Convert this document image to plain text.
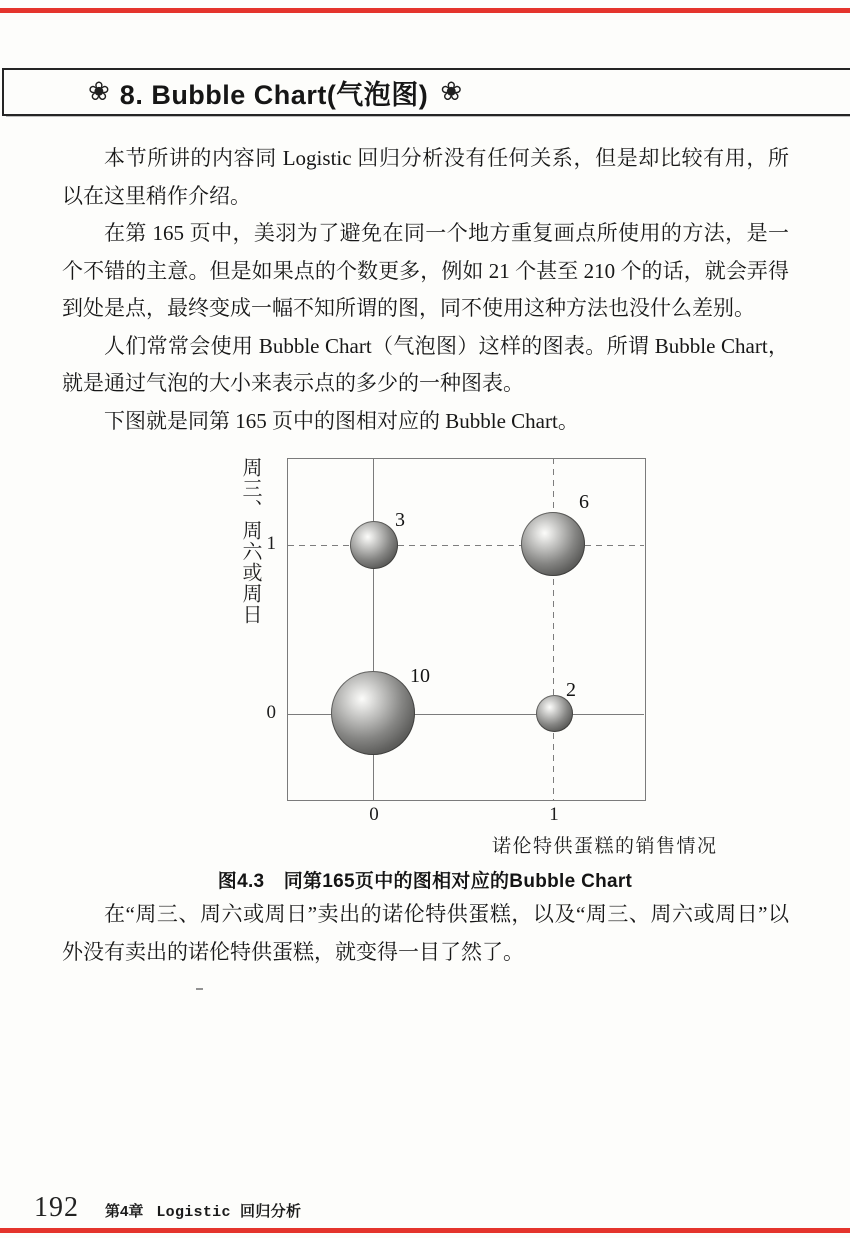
❀ 8. Bubble Chart(气泡图) ❀

本节所讲的内容同 Logistic 回归分析没有任何关系，但是却比较有用，所以在这里稍作介绍。

在第 165 页中，美羽为了避免在同一个地方重复画点所使用的方法，是一个不错的主意。但是如果点的个数更多，例如 21 个甚至 210 个的话，就会弄得到处是点，最终变成一幅不知所谓的图，同不使用这种方法也没什么差别。

人们常常会使用 Bubble Chart（气泡图）这样的图表。所谓 Bubble Chart，就是通过气泡的大小来表示点的多少的一种图表。

下图就是同第 165 页中的图相对应的 Bubble Chart。

周三、周六或周日 1
0
0	1
3
6
10
2
诺伦特供蛋糕的销售情况
图4.3　同第165页中的图相对应的Bubble Chart

在“周三、周六或周日”卖出的诺伦特供蛋糕，以及“周三、周六或周日”以外没有卖出的诺伦特供蛋糕，就变得一目了然了。

192 第4章 Logistic 回归分析
